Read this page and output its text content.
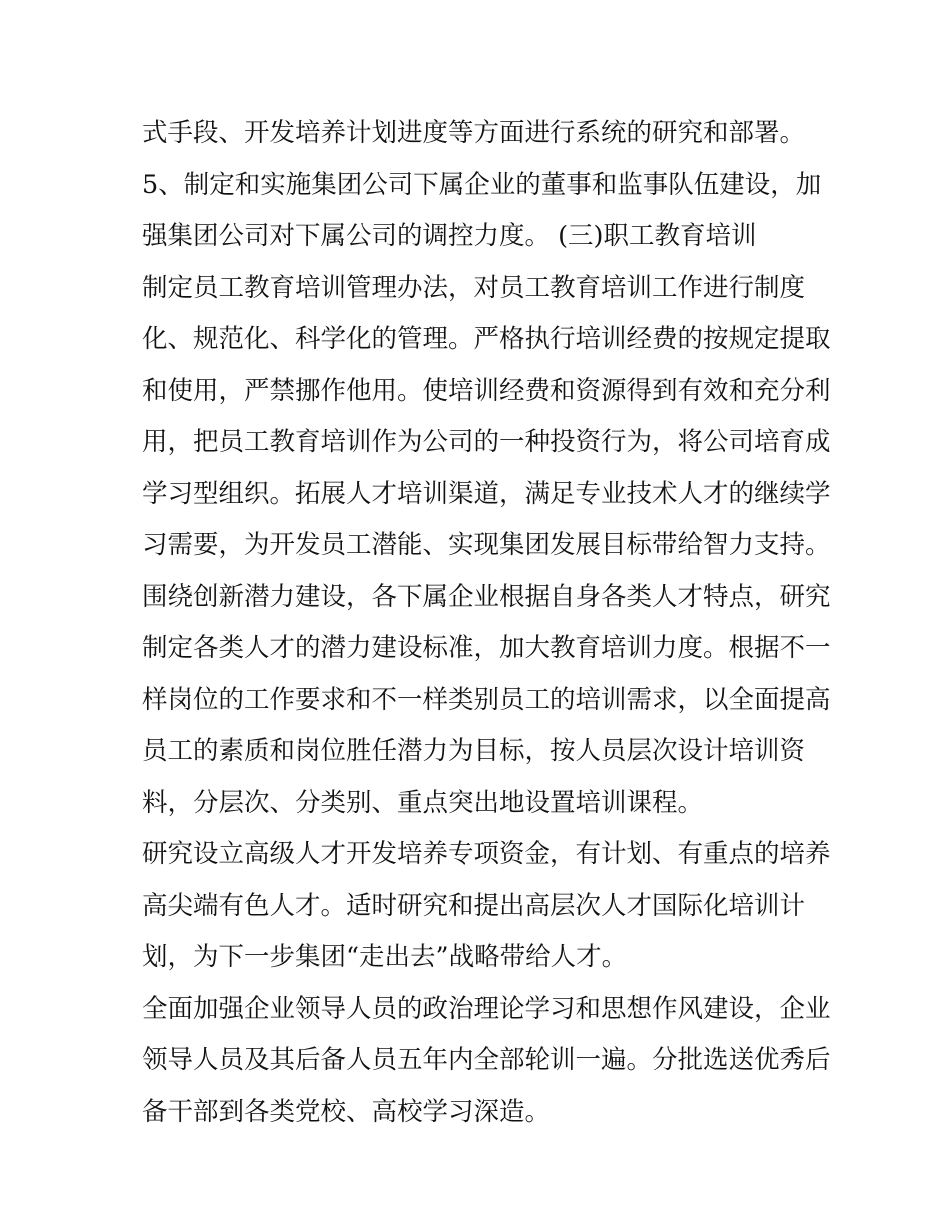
式手段、开发培养计划进度等方面进行系统的研究和部署。
5、制定和实施集团公司下属企业的董事和监事队伍建设，加
强集团公司对下属公司的调控力度。 (三)职工教育培训
制定员工教育培训管理办法，对员工教育培训工作进行制度
化、规范化、科学化的管理。严格执行培训经费的按规定提取
和使用，严禁挪作他用。使培训经费和资源得到有效和充分利
用，把员工教育培训作为公司的一种投资行为，将公司培育成
学习型组织。拓展人才培训渠道，满足专业技术人才的继续学
习需要，为开发员工潜能、实现集团发展目标带给智力支持。
围绕创新潜力建设，各下属企业根据自身各类人才特点，研究
制定各类人才的潜力建设标准，加大教育培训力度。根据不一
样岗位的工作要求和不一样类别员工的培训需求，以全面提高
员工的素质和岗位胜任潜力为目标，按人员层次设计培训资
料，分层次、分类别、重点突出地设置培训课程。
研究设立高级人才开发培养专项资金，有计划、有重点的培养
高尖端有色人才。适时研究和提出高层次人才国际化培训计
划，为下一步集团“走出去”战略带给人才。
全面加强企业领导人员的政治理论学习和思想作风建设，企业
领导人员及其后备人员五年内全部轮训一遍。分批选送优秀后
备干部到各类党校、高校学习深造。
